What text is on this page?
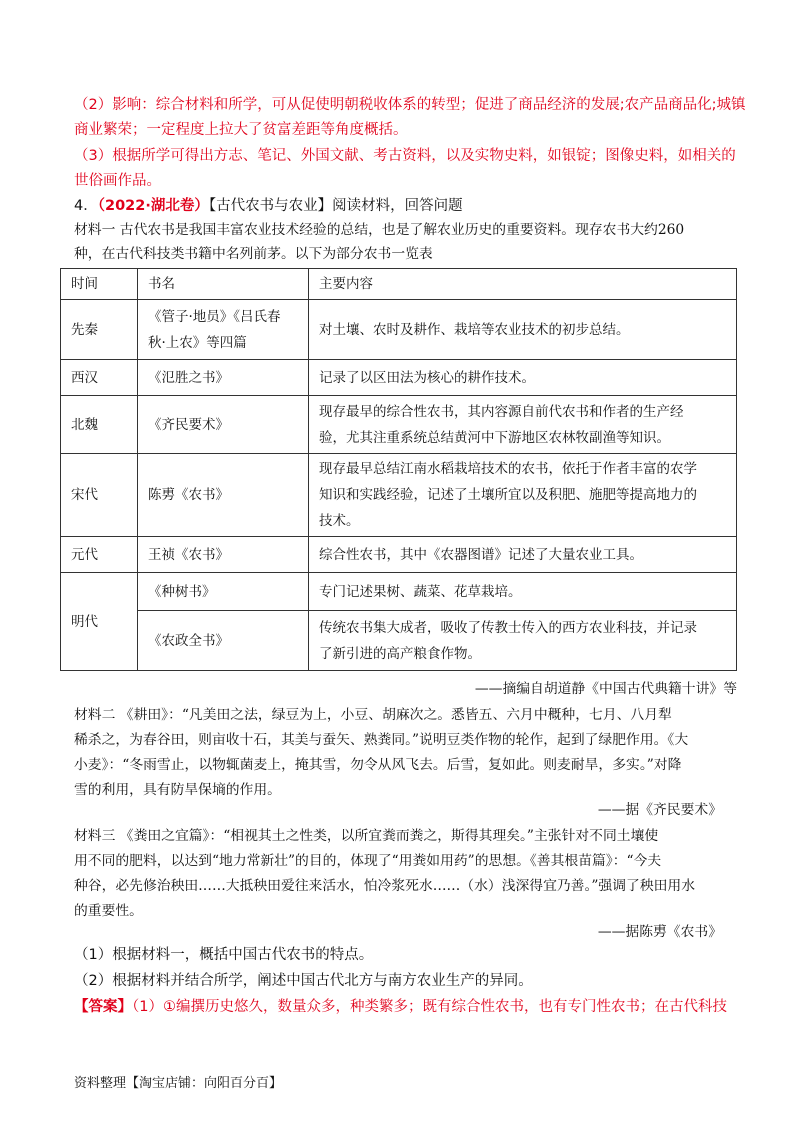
（2）影响：综合材料和所学，可从促使明朝税收体系的转型；促进了商品经济的发展;农产品商品化;城镇
商业繁荣；一定程度上拉大了贫富差距等角度概括。
（3）根据所学可得出方志、笔记、外国文献、考古资料，以及实物史料，如银锭；图像史料，如相关的
世俗画作品。
4．（2022·湖北卷）【古代农书与农业】阅读材料，回答问题
材料一 古代农书是我国丰富农业技术经验的总结，也是了解农业历史的重要资料。现存农书大约260
种，在古代科技类书籍中名列前茅。以下为部分农书一览表
时间	书名	主要内容
先秦	《管子·地员》《吕氏春
秋·上农》等四篇	对土壤、农时及耕作、栽培等农业技术的初步总结。
西汉	《氾胜之书》	记录了以区田法为核心的耕作技术。
北魏	《齐民要术》	现存最早的综合性农书，其内容源自前代农书和作者的生产经
验，尤其注重系统总结黄河中下游地区农林牧副渔等知识。

宋代	陈旉《农书》	现存最早总结江南水稻栽培技术的农书，依托于作者丰富的农学
知识和实践经验，记述了土壤所宜以及积肥、施肥等提高地力的
技术。

元代	王祯《农书》	综合性农书，其中《农器图谱》记述了大量农业工具。
明代	《种树书》	专门记述果树、蔬菜、花草栽培。
	《农政全书》	传统农书集大成者，吸收了传教士传入的西方农业科技，并记录
了新引进的高产粮食作物。
——摘编自胡道静《中国古代典籍十讲》等
材料二 《耕田》：“凡美田之法，绿豆为上，小豆、胡麻次之。悉皆五、六月中穊种，七月、八月犁
稀杀之，为春谷田，则亩收十石，其美与蚕矢、熟粪同。”说明豆类作物的轮作，起到了绿肥作用。《大
小麦》：“冬雨雪止，以物辄菌麦上，掩其雪，勿令从风飞去。后雪，复如此。则麦耐旱，多实。”对降
雪的利用，具有防旱保墒的作用。
——据《齐民要术》
材料三 《粪田之宜篇》：“相视其土之性类，以所宜粪而粪之，斯得其理矣。”主张针对不同土壤使
用不同的肥料，以达到“地力常新壮”的目的，体现了“用粪如用药”的思想。《善其根苗篇》：“今夫
种谷，必先修治秧田……大抵秧田爱往来活水，怕冷浆死水……（水）浅深得宜乃善。”强调了秧田用水
的重要性。
——据陈旉《农书》
（1）根据材料一，概括中国古代农书的特点。
（2）根据材料并结合所学，阐述中国古代北方与南方农业生产的异同。
【答案】（1）①编撰历史悠久，数量众多，种类繁多；既有综合性农书，也有专门性农书；在古代科技
资料整理【淘宝店铺：向阳百分百】
